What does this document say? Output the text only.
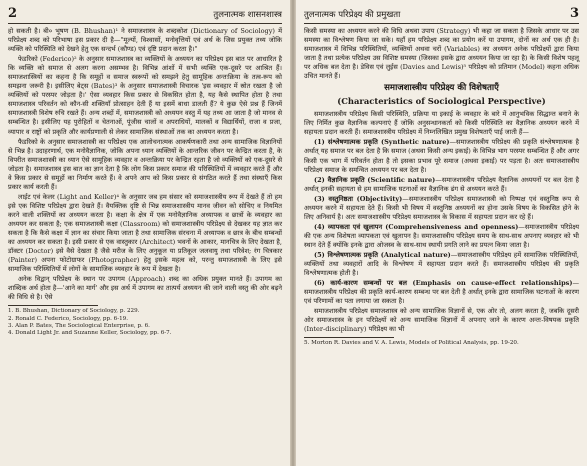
2	तुलनात्मक शासनशास्त्र

हो सकती है। बी० भूषण (B. Bhushan)¹ ने समाजशास्त्र के शब्दकोश (Dictionary of Sociology) में परिप्रेक्ष्य शब्द को परिभाषा इस प्रकार दी है—"मूल्यों, विश्वासों, मनोवृत्तियों एवं अर्थ के जिस प्रयुक्त तथ्य जोकि व्यक्ति को परिस्थिति को देखने हेतु एक सन्दर्भ (कौण्ड) एवं दृष्टि प्रदान करता है।"

फेडरिको (Federico)² के अनुसार समाजशास्त्र का व्यक्तियों के अध्ययन का परिप्रेक्ष्य इस बात पर आधारित है कि व्यक्ति को समाज से अलग करना असम्भव है। विभिन्न आंशों में सभी व्यक्ति एक-दूसरे पर आश्रित हैं। समाजशास्त्रियों का कहना है कि समूहों व समाज स्वरूपों को समझने हेतु सामूहिक अन्तःक्रिया के तत्व-रूप को समझना जरूरी है। इसीलिए बेट्स (Bates)³ के अनुसार समाजशास्त्री विचारक 'इस व्यवहार में स्रोत रखता है जो व्यक्तियों को परस्पर जोड़ता है।' ऐसा व्यवहार किस प्रकार से विकसित होता है, यह कैसे स्थापित होता है तथा समाजशास्त्र परिवर्तन को कौन-सी शक्तियाँ प्रोत्साहन देती हैं या इसमें बाधा डालती हैं? ये कुछ ऐसे प्रश्न हैं जिनमें समाजशास्त्री विशेष रुचि रखते हैं। अन्य शब्दों में, समाजशास्त्री को अध्ययन वस्तु में यह तथ्य आ जाता है जो मानव से सम्बन्धित है। इसीलिए यह पुरोहितों व चेतनाओं, पूंजीस चालों व अपराधियों, मालकों व विद्यार्थियों, राजा व प्रजा, व्यापार व राष्ट्रों को प्रकृति और कार्यप्रणाली से लेकर सामाजिक संस्थाओं तक का अध्ययन करता है।

फैडरिको के अनुसार समाजशास्त्री का परिप्रेक्ष्य एक आलोचनात्मक आकर्षणकारी तथा अन्य सामाजिक विज्ञानियों से भिन्न है। उदाहरणार्थ, एक मनोवैज्ञानिक, जोकि अपना ध्यान व्यक्तियों के आन्तरिक जीवन पर केन्द्रित करता है, के विपरीत समाजशास्त्री का ध्यान ऐसे सामूहिक व्यवहार व अन्तःक्रिया पर केन्द्रित रहता है जो व्यक्तियों को एक-दूसरे से जोड़ता है। समाजशास्त्र इस बात का ज्ञान देता है कि लोग किस प्रकार समाज की परिस्थितियों में व्यवहार करते हैं और वे किस प्रकार से समूहों का निर्माण करते हैं। वे अपने आप को किस प्रकार से संगठित करते हैं तथा संस्थाएँ किस प्रकार कार्य करती हैं।

लाईट एवं केलर (Light and Keller)⁴ के अनुसार जब हम संसार को समाजशास्त्रीय रूप में देखते हैं तो हम इसे एक विशिष्ट परिप्रेक्ष्य द्वारा देखते हैं। वैयक्तिक दृष्टि से भिन्न समाजशास्त्रीय मानव जीवन को सोचिए व नियमित करने वाली शक्तियों का अध्ययन करता है। कक्षा के क्षेत्र में एक मनोवैज्ञानिक अध्यापक व छात्रों के व्यवहार का अध्ययन कर सकता है; एक समाजशास्त्री कक्षा (Classroom) को समाजशास्त्रीय परिप्रेक्ष्य से देखकर यह ज्ञात कर सकता है कि कैसे कक्षा में ज्ञान का संचार किया जाता है तथा सामाजिक संरचना में अध्यापक व छात्र के बीच सम्बन्धों का अध्ययन कर सकता है। इसी प्रकार से एक वास्तुकार (Architect) भवनों के आकार, मानचित्र के लिए देखता है, डॉक्टर (Doctor) इसे वैसे देखता है जैसे मरीज के लिए अनुकूल या प्रतिकूल जलवायु तथा परिवेश; रंग चित्रकार (Painter) अपना फोटोग्राफर (Photographer) हेतु इसके महत्व को, परन्तु समाजशास्त्री के लिए इसे सामाजिक परिस्थितियों में लोगों के सामाजिक व्यवहार के रूप में देखता है।

अनेक विद्वान् परिप्रेक्ष्य के स्थान पर उपागम (Approach) शब्द का अधिक प्रयुक्त मानते हैं। उपागम का शाब्दिक अर्थ होता है—'आने का मार्ग' और इस अर्थ में उपागम का तात्पर्य अध्ययन की जाने वाली वस्तु की ओर बढ़ने की विधि से है। ऐसे

1. B. Bhushan, Dictionary of Sociology, p. 229.

2. Ronald C. Federico, Sociology, pp. 6-19.

3. Alan P. Bates, The Sociological Enterprise, p. 6.

4. Donald Light Jr. and Suzanne Keller, Sociology, pp. 6-7.

तुलनात्मक परिप्रेक्ष्य की प्रमुखता	3

किसी समस्या का अध्ययन करने की विधि अथवा उपाय (Strategy) भी कहा जा सकता है जिसके आधार पर उस समस्या का विश्लेषण किया जा सके। यहाँ हम परिप्रेक्ष्य शब्द का प्रयोग करें या उपागम, दोनों का अर्थ एक ही है। समाजशास्त्र में विभिन्न परिस्थितियों, व्यक्तियों अथवा चरों (Variables) का अध्ययन अनेक परिप्रेक्ष्यों द्वारा किया जाता है तथा प्रत्येक परिप्रेक्ष्य उस विशिष्ट समस्या (जिसका इसके द्वारा अध्ययन किया जा रहा है) के किसी विशेष पहलू पर अधिक बल देता है। डेविस एवं लुईस (Davies and Lewis)⁵ परिप्रेक्ष्य को प्रतिमान (Model) कहना अधिक उचित मानते हैं।

समाजशास्त्रीय परिप्रेक्ष्य की विशेषताएँ
(Characteristics of Sociological Perspective)

समाजशास्त्रीय परिप्रेक्ष्य किसी परिस्थिति, प्रक्रिया या इकाई के व्यवहार के बारे में आनुभविक सिद्धान्त बनाने के लिए निर्मित कुछ वैज्ञानिक कल्पनाएं हैं जोकि अनुसन्धानकर्ता को किसी परिस्थिति का वैज्ञानिक अध्ययन करने में सहायता प्रदान करती हैं। समाजशास्त्रीय परिप्रेक्ष्य में निम्नलिखित प्रमुख विशेषताएँ पाई जाती हैं—

(1) संश्लेषणात्मक प्रकृति (Synthetic nature)—समाजशास्त्रीय परिप्रेक्ष्य की प्रकृति संश्लेषणात्मक है अर्थात् यह समाज पर बल देता है कि समाज (अथवा किसी अन्य इकाई) के विभिन्न भाग परस्पर सम्बन्धित हैं और अगर किसी एक भाग में परिवर्तन होता है तो इसका प्रभाव पूरे समाज (अथवा इकाई) पर पड़ता है। अतः समाजशास्त्रीय परिप्रेक्ष्य समाज के समन्वित अध्ययन पर बल देता है।

(2) वैज्ञानिक प्रकृति (Scientific nature)—समाजशास्त्रीय परिप्रेक्ष्य वैज्ञानिक अध्ययनों पर बल देता है अर्थात् इनकी सहायता से हम सामाजिक घटनाओं का वैज्ञानिक ढंग से अध्ययन करते हैं।

(3) वस्तुनिष्ठता (Objectivity)—समाजशास्त्रीय परिप्रेक्ष्य समाजशास्त्री को निष्पक्ष एवं वस्तुनिष्ठ रूप से अध्ययन करने में सहायता देते हैं। किसी भी विषय में वस्तुनिष्ठ अध्ययनों का होना उसके विषय के विकसित होने के लिए अनिवार्य है। अतः समाजशास्त्रीय परिप्रेक्ष्य समाजशास्त्र के विकास में सहायता प्रदान कर रहे हैं।

(4) व्यापकता एवं खुलापन (Comprehensiveness and openness)—समाजशास्त्रीय परिप्रेक्ष्य की एक अन्य विशेषता व्यापकता एवं खुलापन है। समाजशास्त्रीय परिप्रेक्ष्य समय के साथ-साथ अपनाए व्यवहार को भी स्थान देते हैं क्योंकि इनके द्वारा ओजस्व के साथ-साथ स्थायी प्रगति लाने का प्रयत्न किया जाता है।

(5) विश्लेषणात्मक प्रकृति (Analytical nature)—समाजशास्त्रीय परिप्रेक्ष्य हमें सामाजिक परिस्थितियों, व्यक्तियों तथा व्यवहारों आदि के विश्लेषण में सहायता प्रदान करते हैं। समाजशास्त्रीय परिप्रेक्ष्य की प्रकृति विश्लेषणात्मक होती है।

(6) कार्य-कारण सम्बन्धों पर बल (Emphasis on cause-effect relationships)—समाजशास्त्रीय परिप्रेक्ष्य की प्रकृति कार्य-कारण सम्बन्ध पर बल देती है अर्थात् इनके द्वारा सामाजिक घटनाओं के कारण एवं परिणामों का पता लगाया जा सकता है।

समाजशास्त्रीय परिप्रेक्ष्य समाजशास्त्र को अन्य सामाजिक विज्ञानों से, एक ओर तो, अलग करता है, जबकि दूसरी ओर समाजशास्त्र के इन परिप्रेक्ष्यों को अन्य सामाजिक विज्ञानों में अपनाए जाने के कारण अन्तः-विषयक प्रकृति (Inter-disciplinary) परिप्रेक्ष्य का भी

5. Morton R. Davies and V. A. Lewis, Models of Political Analysis, pp. 19-20.
